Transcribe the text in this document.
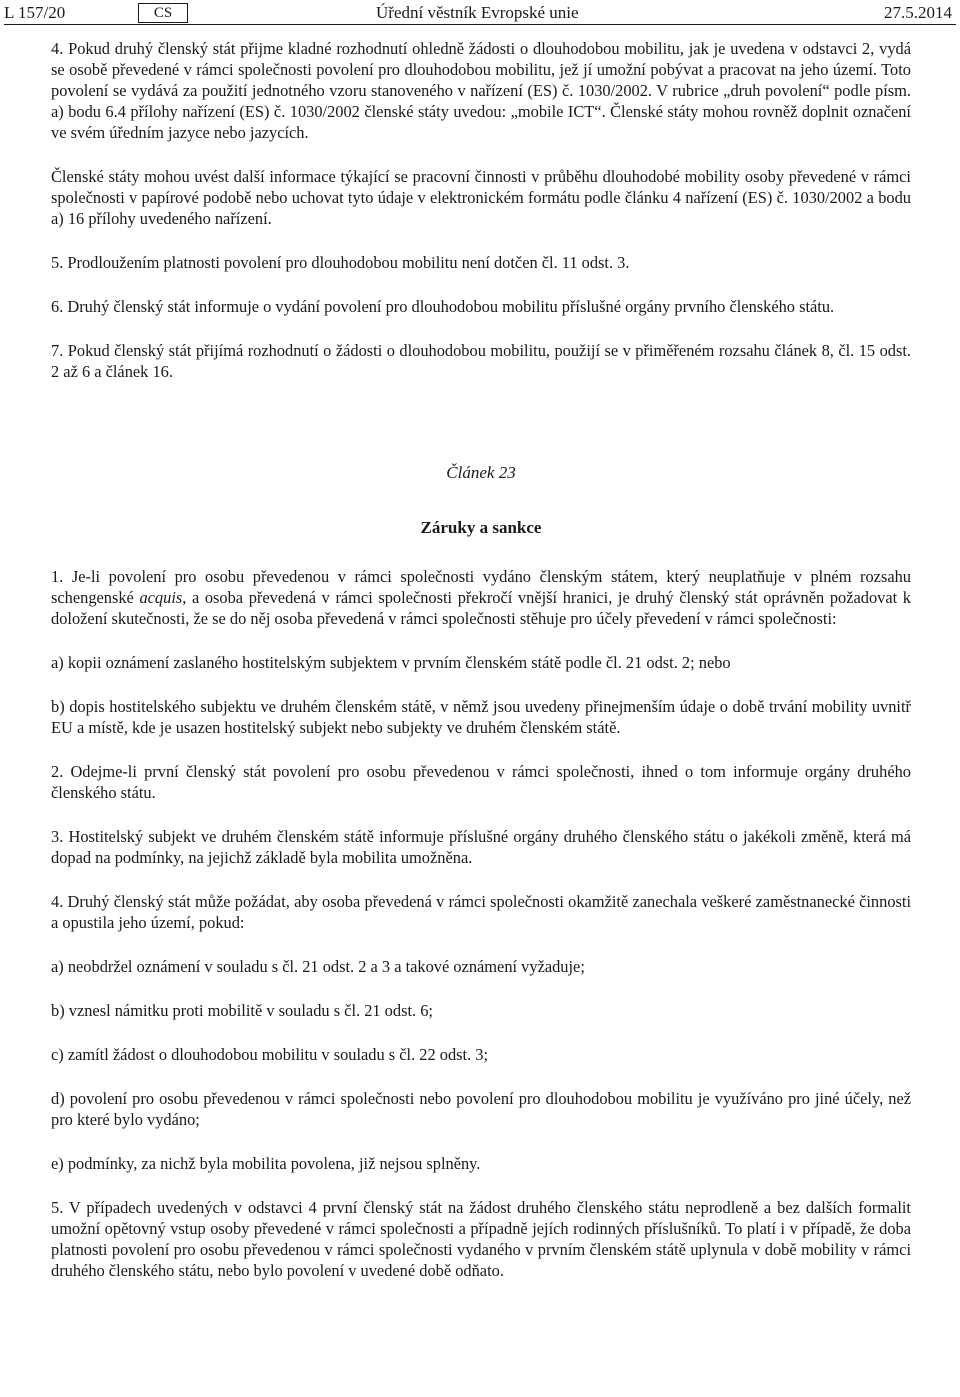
L 157/20	CS	Úřední věstník Evropské unie	27.5.2014

4. Pokud druhý členský stát přijme kladné rozhodnutí ohledně žádosti o dlouhodobou mobilitu, jak je uvedena v odstavci 2, vydá se osobě převedené v rámci společnosti povolení pro dlouhodobou mobilitu, jež jí umožní pobývat a pracovat na jeho území. Toto povolení se vydává za použití jednotného vzoru stanoveného v nařízení (ES) č. 1030/2002. V rubrice „druh povolení“ podle písm. a) bodu 6.4 přílohy nařízení (ES) č. 1030/2002 členské státy uvedou: „mobile ICT“. Členské státy mohou rovněž doplnit označení ve svém úředním jazyce nebo jazycích.

Členské státy mohou uvést další informace týkající se pracovní činnosti v průběhu dlouhodobé mobility osoby převedené v rámci společnosti v papírové podobě nebo uchovat tyto údaje v elektronickém formátu podle článku 4 nařízení (ES) č. 1030/2002 a bodu a) 16 přílohy uvedeného nařízení.

5. Prodloužením platnosti povolení pro dlouhodobou mobilitu není dotčen čl. 11 odst. 3.

6. Druhý členský stát informuje o vydání povolení pro dlouhodobou mobilitu příslušné orgány prvního členského státu.

7. Pokud členský stát přijímá rozhodnutí o žádosti o dlouhodobou mobilitu, použijí se v přiměřeném rozsahu článek 8, čl. 15 odst. 2 až 6 a článek 16.

Článek 23

Záruky a sankce

1. Je-li povolení pro osobu převedenou v rámci společnosti vydáno členským státem, který neuplatňuje v plném rozsahu schengenské acquis, a osoba převedená v rámci společnosti překročí vnější hranici, je druhý členský stát oprávněn požadovat k doložení skutečnosti, že se do něj osoba převedená v rámci společnosti stěhuje pro účely převedení v rámci společnosti:

a) kopii oznámení zaslaného hostitelským subjektem v prvním členském státě podle čl. 21 odst. 2; nebo

b) dopis hostitelského subjektu ve druhém členském státě, v němž jsou uvedeny přinejmenším údaje o době trvání mobility uvnitř EU a místě, kde je usazen hostitelský subjekt nebo subjekty ve druhém členském státě.

2. Odejme-li první členský stát povolení pro osobu převedenou v rámci společnosti, ihned o tom informuje orgány druhého členského státu.

3. Hostitelský subjekt ve druhém členském státě informuje příslušné orgány druhého členského státu o jakékoli změně, která má dopad na podmínky, na jejichž základě byla mobilita umožněna.

4. Druhý členský stát může požádat, aby osoba převedená v rámci společnosti okamžitě zanechala veškeré zaměstnanecké činnosti a opustila jeho území, pokud:

a) neobdržel oznámení v souladu s čl. 21 odst. 2 a 3 a takové oznámení vyžaduje;

b) vznesl námitku proti mobilitě v souladu s čl. 21 odst. 6;

c) zamítl žádost o dlouhodobou mobilitu v souladu s čl. 22 odst. 3;

d) povolení pro osobu převedenou v rámci společnosti nebo povolení pro dlouhodobou mobilitu je využíváno pro jiné účely, než pro které bylo vydáno;

e) podmínky, za nichž byla mobilita povolena, již nejsou splněny.

5. V případech uvedených v odstavci 4 první členský stát na žádost druhého členského státu neprodleně a bez dalších formalit umožní opětovný vstup osoby převedené v rámci společnosti a případně jejích rodinných příslušníků. To platí i v případě, že doba platnosti povolení pro osobu převedenou v rámci společnosti vydaného v prvním členském státě uplynula v době mobility v rámci druhého členského státu, nebo bylo povolení v uvedené době odňato.
